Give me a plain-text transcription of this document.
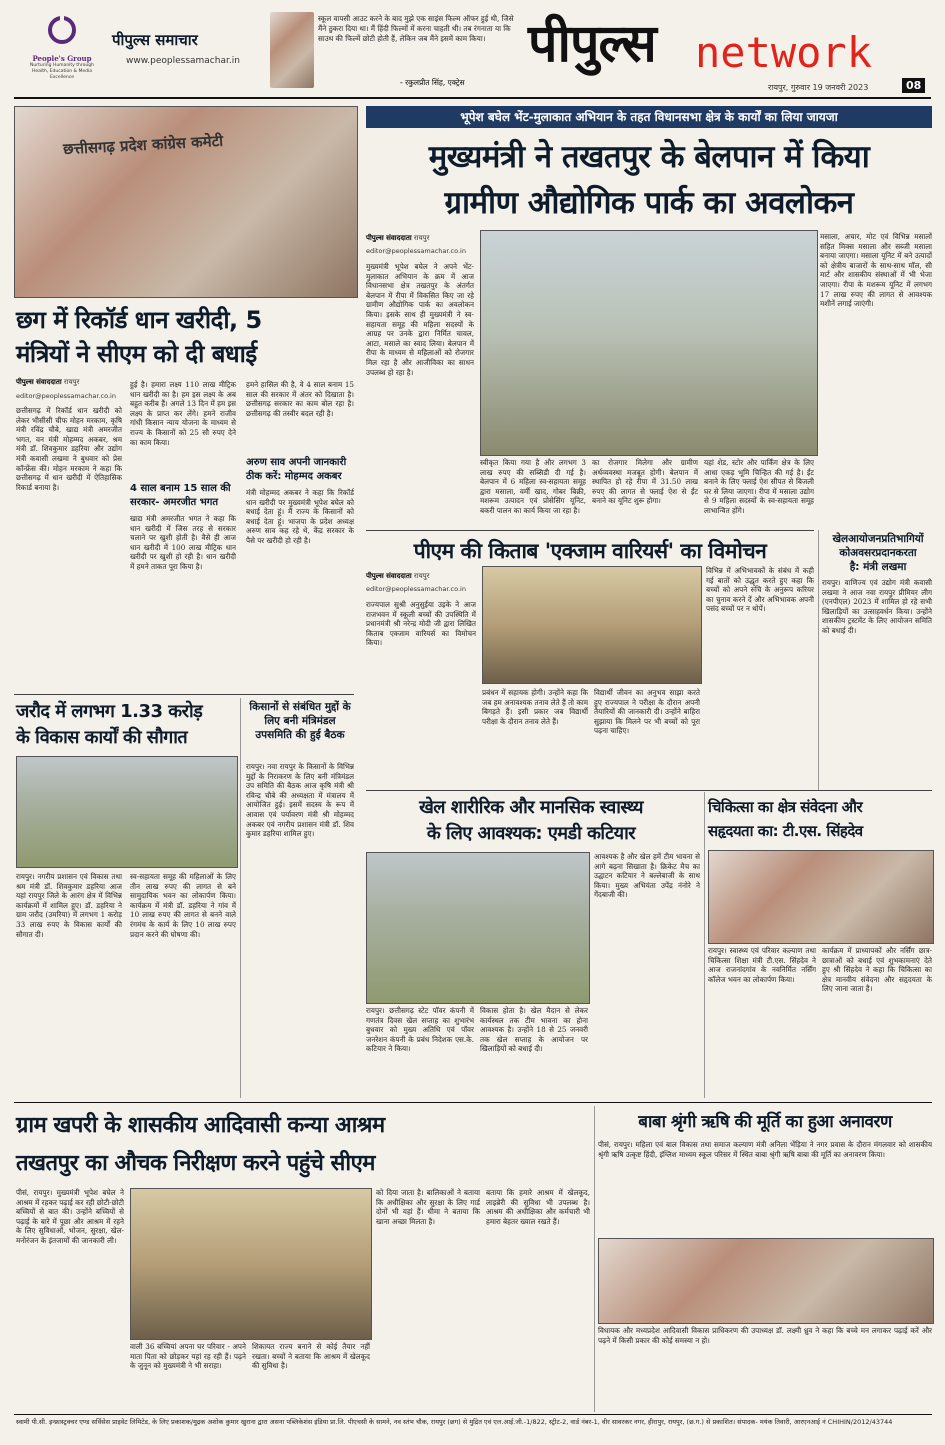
People's Group
Nurturing Humanity through Health, Education & Media Excellence
पीपुल्स समाचार
www.peoplessamachar.in
स्कूल वापसी आउट करने के बाद मुझे एक साइंस फिल्म ऑफर हुई थी, जिसे मैंने ठुकरा दिया था। मैं हिंदी फिल्मों में करना चाहती थी। तब रंगनाता या कि साउथ की फिल्में छोटी होती हैं, लेकिन जब मैंने इसमें काम किया।
- रकुलप्रीत सिंह, एक्ट्रेस
पीपुल्स network
रायपुर, गुरुवार 19 जनवरी 2023	08
भूपेश बघेल भेंट-मुलाकात अभियान के तहत विधानसभा क्षेत्र के कार्यों का लिया जायजा
मुख्यमंत्री ने तखतपुर के बेलपान में किया
ग्रामीण औद्योगिक पार्क का अवलोकन
पीपुल्स संवाददाता रायपुर
editor@peoplessamachar.co.in
मुख्यमंत्री भूपेश बघेल ने अपने भेंट-मुलाकात अभियान के क्रम में आज विधानसभा क्षेत्र तखतपुर के अंतर्गत बेलपान में रीपा में विकसित किए जा रहे ग्रामीण औद्योगिक पार्क का अवलोकन किया। इसके साथ ही मुख्यमंत्री ने स्व-सहायता समूह की महिला सदस्यों के आग्रह पर उनके द्वारा निर्मित चावल, आटा, मसाले का स्वाद लिया। बेलपान में रीपा के माध्यम से महिलाओं को रोजगार मिल रहा है और आजीविका का साधन उपलब्ध हो रहा है।
स्वीकृत किया गया है और लगभग 3 लाख रुपए की सब्सिडी दी गई है। बेलपान में 6 महिला स्व-सहायता समूह द्वारा मसाला, वर्मी खाद, गोबर बिक्री, मशरूम उत्पादन एवं प्रोसेसिंग यूनिट, बकरी पालन का कार्य किया जा रहा है।
का रोजगार मिलेगा और ग्रामीण अर्थव्यवस्था मजबूत होगी। बेलपान में स्थापित हो रहे रीपा में 31.50 लाख रुपए की लागत से फ्लाई ऐश से ईंट बनाने का यूनिट शुरू होगा।
यहां शेड, स्टोर और पार्किंग क्षेत्र के लिए आधा एकड़ भूमि चिन्हित की गई है। ईंट बनाने के लिए फ्लाई ऐश सीपत से बिजली घर से लिया जाएगा। रीपा में मसाला उद्योग से 9 महिला सदस्यों के स्व-सहायता समूह लाभान्वित होंगे।
मसाला, अचार, मोट एवं विभिन्न मसालों सहित मिक्स मसाला और सब्जी मसाला बनाया जाएगा। मसाला यूनिट में बने उत्पादों को क्षेत्रीय बाजारों के साथ-साथ मॉल, सी मार्ट और शासकीय संस्थाओं में भी भेजा जाएगा। रीपा के मशरूम यूनिट में लगभग 17 लाख रुपए की लागत से आवश्यक मशीनें लगाई जाएंगी।
छत्तीसगढ़ प्रदेश कांग्रेस कमेटी
छग में रिकॉर्ड धान खरीदी, 5
मंत्रियों ने सीएम को दी बधाई
पीपुल्स संवाददाता रायपुर
editor@peoplessamachar.co.in
छत्तीसगढ़ में रिकॉर्ड धान खरीदी को लेकर भीसीसी चीफ मोहन मरकाम, कृषि मंत्री रविंद्र चौबे, खाद्य मंत्री अमरजीत भगत, वन मंत्री मोहम्मद अकबर, श्रम मंत्री डॉ. शिवकुमार डहरिया और उद्योग मंत्री कवासी लखमा ने बुधवार को प्रेस कॉन्फ्रेंस की। मोहन मरकाम ने कहा कि छत्तीसगढ़ में धान खरीदी में ऐतिहासिक रिकार्ड बनाया है।
हुई है। हमारा लक्ष्य 110 लाख मीट्रिक धान खरीदी का है। हम इस लक्ष्य के अब बहुत करीब हैं। अगले 13 दिन में हम इस लक्ष्य के प्राप्त कर लेंगे। हमने राजीव गांधी किसान न्याय योजना के माध्यम से राज्य के किसानों को 25 सौ रुपए देने का काम किया।
4 साल बनाम 15 साल की सरकार- अमरजीत भगत
खाद्य मंत्री अमरजीत भगत ने कहा कि धान खरीदी में जिस तरह से सरकार चलाने पर खुशी होती है। वैसे ही आज धान खरीदी में 100 लाख मीट्रिक धान खरीदी पर खुशी हो रही है। धान खरीदी में हमने ताकत पूरा किया है।
हमने हासिल की है, वे 4 साल बनाम 15 साल की सरकार में अंतर को दिखाता है। छत्तीसगढ़ सरकार का काम बोल रहा है। छत्तीसगढ़ की तस्वीर बदल रही है।
अरुण साव अपनी जानकारी ठीक करें: मोहम्मद अकबर
मंत्री मोहम्मद अकबर ने कहा कि रिकॉर्ड धान खरीदी पर मुख्यमंत्री भूपेश बघेल को बधाई देता हूं। मैं राज्य के किसानों को बधाई देता हूं। भाजपा के प्रदेश अध्यक्ष अरुण साव कह रहे थे, केंद्र सरकार के पैसे पर खरीदी हो रही है।	पीएम की किताब 'एक्जाम वारियर्स' का विमोचन
पीपुल्स संवाददाता रायपुर
editor@peoplessamachar.co.in
राज्यपाल सुश्री अनुसुईया उइके ने आज राजभवन में स्कूली बच्चों की उपस्थिति में प्रधानमंत्री श्री नरेन्द्र मोदी जी द्वारा लिखित किताब एक्जाम वारियर्स का विमोचन किया।
प्रबंधन में सहायक होगी। उन्होंने कहा कि जब हम अनावश्यक तनाव लेते हैं तो काम बिगड़ते हैं। इसी प्रकार जब विद्यार्थी परीक्षा के दौरान तनाव लेते हैं।
विद्यार्थी जीवन का अनुभव साझा करते हुए राज्यपाल ने परीक्षा के दौरान अपनी तैयारियों की जानकारी दी। उन्होंने बाहिरा सुझाया कि मिलने पर भी बच्चों को पूरा पढ़ना चाहिए।
विभिन्न में अभिभावकों के संबंध में कही गई बातों को उद्धृत करते हुए कहा कि बच्चों को अपने रुचि के अनुरूप करियर का चुनाव करने दें और अभिभावक अपनी पसंद बच्चों पर न थोपें।
खेलआयोजनप्रतिभागियों
कोअवसरप्रदानकरता
है: मंत्री लखमा
रायपुर। वाणिज्य एवं उद्योग मंत्री कवासी लखमा ने आज नवा रायपुर प्रीमियर लीग (एनपीएल) 2023 में शामिल हो रहे सभी खिलाड़ियों का उत्साहवर्धन किया। उन्होंने शासकीय ट्रस्टमेंट के लिए आयोजन समिति को बधाई दी।
जरौद में लगभग 1.33 करोड़
के विकास कार्यों की सौगात
रायपुर। नगरीय प्रशासन एवं विकास तथा श्रम मंत्री डॉ. शिवकुमार डहरिया आज यहां रायपुर जिले के आरंग क्षेत्र में विभिन्न कार्यक्रमों में शामिल हुए। डॉ. डहरिया ने ग्राम जरौद (उमरिया) में लगभग 1 करोड़ 33 लाख रुपए के विकास कार्यों की सौगात दी।
स्व-सहायता समूह की महिलाओं के लिए तीन लाख रुपए की लागत से बने सामुदायिक भवन का लोकार्पण किया। कार्यक्रम में मंत्री डॉ. डहरिया ने गांव में 10 लाख रुपए की लागत से बनने वाले रंगमंच के कार्य के लिए 10 लाख रुपए प्रदान करने की घोषणा की।
किसानों से संबंधित मुद्दों के लिए बनी मंत्रिमंडल उपसमिति की हुई बैठक
रायपुर। नवा रायपुर के किसानों के विभिन्न मुद्दों के निराकरण के लिए बनी मंत्रिमंडल उप समिति की बैठक आज कृषि मंत्री श्री रविन्द्र चौबे की अध्यक्षता में मंत्रालय में आयोजित हुई। इसमें सदस्य के रूप में आवास एवं पर्यावरण मंत्री श्री मोहम्मद अकबर एवं नगरीय प्रशासन मंत्री डॉ. शिव कुमार डहरिया शामिल हुए।
खेल शारीरिक और मानसिक स्वास्थ्य
के लिए आवश्यक: एमडी कटियार
रायपुर। छत्तीसगढ़ स्टेट पॉवर कंपनी में गणतंत्र दिवस खेल सप्ताह का शुभारंभ बुधवार को मुख्य अतिथि एवं पॉवर जनरेशन कंपनी के प्रबंध निदेशक एस.के. कटियार ने किया।
विकास होता है। खेल मैदान से लेकर कार्यस्थल तक टीम भावना का होना आवश्यक है। उन्होंने 18 से 25 जनवरी तक खेल सप्ताह के आयोजन पर खिलाड़ियों को बधाई दी।
आवश्यक है और खेल हमें टीम भावना से आगे बढ़ना सिखाता है। क्रिकेट मैच का उद्घाटन कटियार ने बल्लेबाजी के साथ किया। मुख्य अभियंता उपेंद्र नंनोरे ने गेंदबाजी की।
चिकित्सा का क्षेत्र संवेदना और
सहृदयता का: टी.एस. सिंहदेव
रायपुर। स्वास्थ्य एवं परिवार कल्याण तथा चिकित्सा शिक्षा मंत्री टी.एस. सिंहदेव ने आज राजनांदगांव के नवनिर्मित नर्सिंग कॉलेज भवन का लोकार्पण किया।
कार्यक्रम में प्राध्यापकों और नर्सिंग छात्र-छात्राओं को बधाई एवं शुभकामनाएं देते हुए श्री सिंहदेव ने कहा कि चिकित्सा का क्षेत्र मानवीय संवेदना और सहृदयता के लिए जाना जाता है।
ग्राम खपरी के शासकीय आदिवासी कन्या आश्रम
तखतपुर का औचक निरीक्षण करने पहुंचे सीएम
पीसं, रायपुर। मुख्यमंत्री भूपेश बघेल ने आश्रम में रहकर पढ़ाई कर रही छोटी-छोटी बच्चियों से बात की। उन्होंने बच्चियों से पढ़ाई के बारे में पूछा और आश्रम में रहने के लिए सुविधाओं, भोजन, सुरक्षा, खेल-मनोरंजन के इंतजामों की जानकारी ली।
वाली 36 बच्चियां अपना घर परिवार - अपने माता पिता को छोड़कर यहां रह रही हैं। पढ़ने के जुनून को मुख्यमंत्री ने भी सराहा।
शिकायत राज्य बनाने से कोई तैयार नहीं रखता। बच्चों ने बताया कि आश्रम में खेलकूद की सुविधा है।
को दिया जाता है। बालिकाओं ने बताया कि अधीक्षिका और सुरक्षा के लिए गार्ड दोनों भी यहां हैं। धीमा ने बताया कि खाना अच्छा मिलता है।
बताया कि हमारे आश्रम में खेलकूद, लाइब्रेरी की सुविधा भी उपलब्ध है। आश्रम की अधीक्षिका और कर्मचारी भी हमारा बेहतर ख्याल रखते हैं।
बाबा श्रृंगी ऋषि की मूर्ति का हुआ अनावरण
पीसं, रायपुर। महिला एवं बाल विकास तथा समाज कल्याण मंत्री अनिला भेंड़िया ने नगर प्रवास के दौरान मंगलवार को शासकीय श्रृंगी ऋषि उत्कृष्ट हिंदी, इंग्लिश माध्यम स्कूल परिसर में स्थित बाबा श्रृंगी ऋषि बाबा की मूर्ति का अनावरण किया।
विधायक और मध्यप्रदेश आदिवासी विकास प्राधिकरण की उपाध्यक्ष डॉ. लक्ष्मी ध्रुव ने कहा कि बच्चे मन लगाकर पढ़ाई करें और पढ़ने में किसी प्रकार की कोई समस्या न हो।
स्वामी पी.सी. इन्फ्रास्ट्रक्चर एण्ड सर्विसेस प्राइवेट लिमिटेड, के लिए प्रकाशक/मुद्रक अशोक कुमार खुराना द्वारा असना पब्लिकेशंस इंडिया प्रा.लि. पीएचसी के सामने, नव स्तंभ चौक, रायपुर (छग) से मुद्रित एवं एल.आई.जी.-1/822, स्ट्रीट-2, वार्ड नंबर-1, वीर सावरकर नगर, हीरापुर, रायपुर, (छ.ग.) से प्रकाशित। संपादक- मयंक तिवारी, आरएनआई नं CHIHIN/2012/43744
